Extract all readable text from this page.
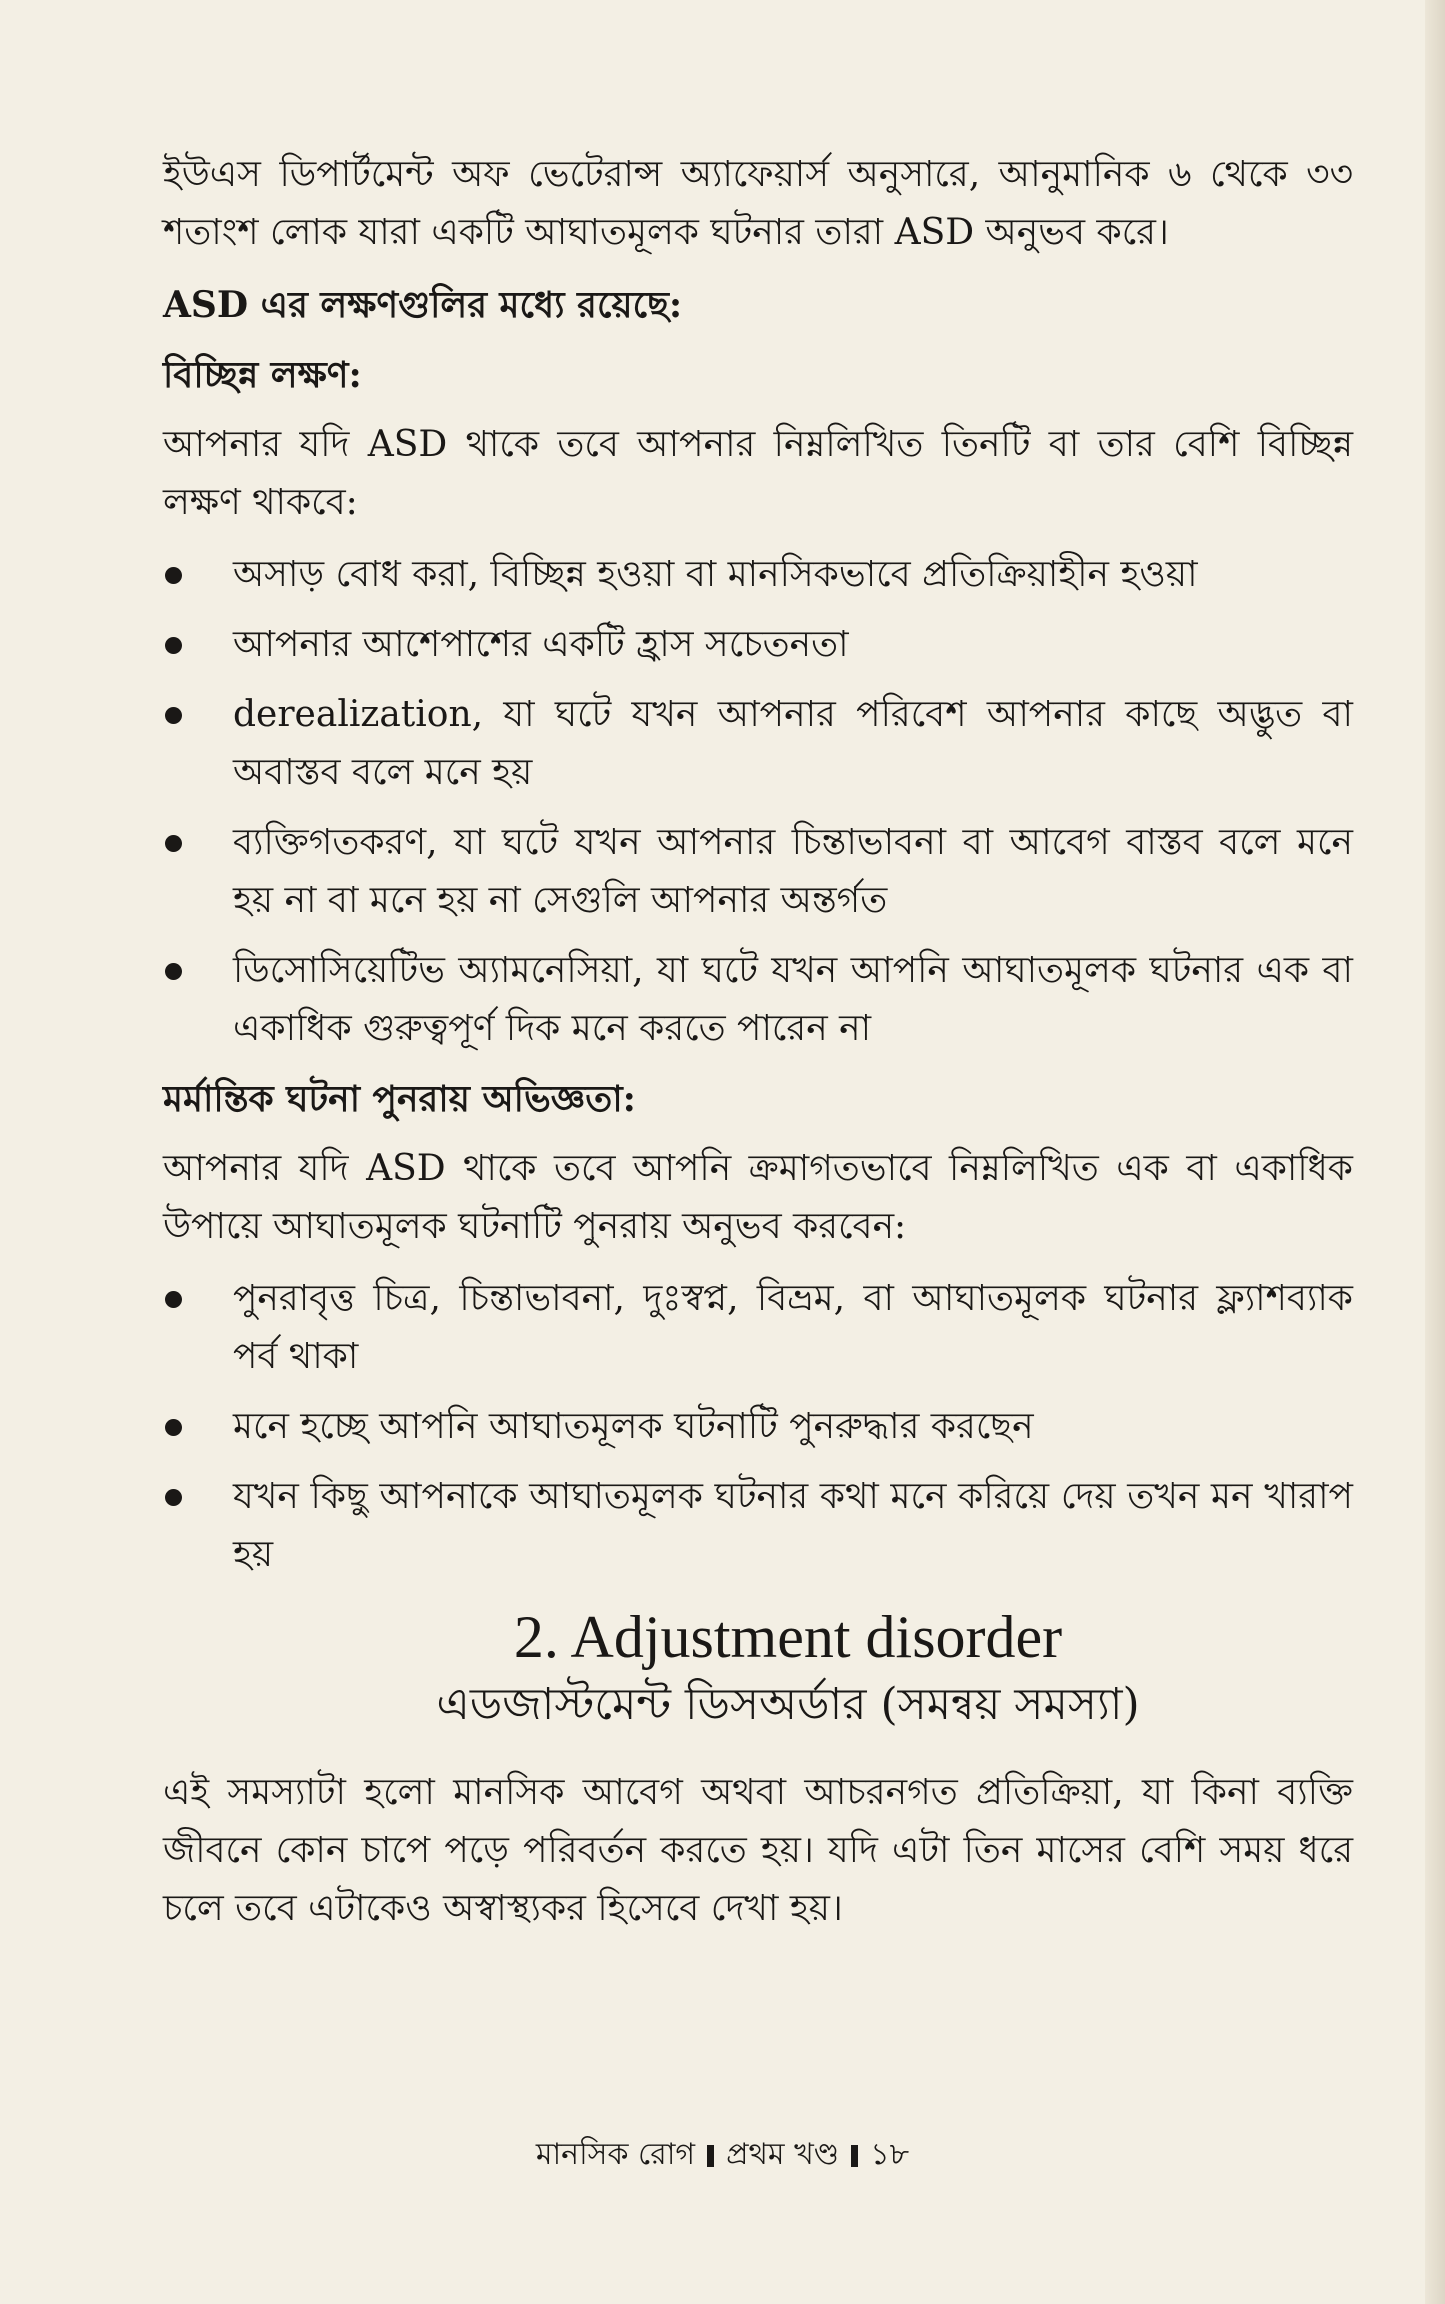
ইউএস ডিপার্টমেন্ট অফ ভেটেরান্স অ্যাফেয়ার্স অনুসারে, আনুমানিক ৬ থেকে ৩৩ শতাংশ লোক যারা একটি আঘাতমূলক ঘটনার তারা ASD অনুভব করে।

ASD এর লক্ষণগুলির মধ্যে রয়েছে:
বিচ্ছিন্ন লক্ষণ:

আপনার যদি ASD থাকে তবে আপনার নিম্নলিখিত তিনটি বা তার বেশি বিচ্ছিন্ন লক্ষণ থাকবে:

অসাড় বোধ করা, বিচ্ছিন্ন হওয়া বা মানসিকভাবে প্রতিক্রিয়াহীন হওয়া
আপনার আশেপাশের একটি হ্রাস সচেতনতা
derealization, যা ঘটে যখন আপনার পরিবেশ আপনার কাছে অদ্ভুত বা অবাস্তব বলে মনে হয়
ব্যক্তিগতকরণ, যা ঘটে যখন আপনার চিন্তাভাবনা বা আবেগ বাস্তব বলে মনে হয় না বা মনে হয় না সেগুলি আপনার অন্তর্গত
ডিসোসিয়েটিভ অ্যামনেসিয়া, যা ঘটে যখন আপনি আঘাতমূলক ঘটনার এক বা একাধিক গুরুত্বপূর্ণ দিক মনে করতে পারেন না
মর্মান্তিক ঘটনা পুনরায় অভিজ্ঞতা:

আপনার যদি ASD থাকে তবে আপনি ক্রমাগতভাবে নিম্নলিখিত এক বা একাধিক উপায়ে আঘাতমূলক ঘটনাটি পুনরায় অনুভব করবেন:

পুনরাবৃত্ত চিত্র, চিন্তাভাবনা, দুঃস্বপ্ন, বিভ্রম, বা আঘাতমূলক ঘটনার ফ্ল্যাশব্যাক পর্ব থাকা
মনে হচ্ছে আপনি আঘাতমূলক ঘটনাটি পুনরুদ্ধার করছেন
যখন কিছু আপনাকে আঘাতমূলক ঘটনার কথা মনে করিয়ে দেয় তখন মন খারাপ হয়
2. Adjustment disorder
এডজাস্টমেন্ট ডিসঅর্ডার (সমন্বয় সমস্যা)

এই সমস্যাটা হলো মানসিক আবেগ অথবা আচরনগত প্রতিক্রিয়া, যা কিনা ব্যক্তি জীবনে কোন চাপে পড়ে পরিবর্তন করতে হয়। যদি এটা তিন মাসের বেশি সময় ধরে চলে তবে এটাকেও অস্বাস্থ্যকর হিসেবে দেখা হয়।

মানসিক রোগ প্রথম খণ্ড ১৮
